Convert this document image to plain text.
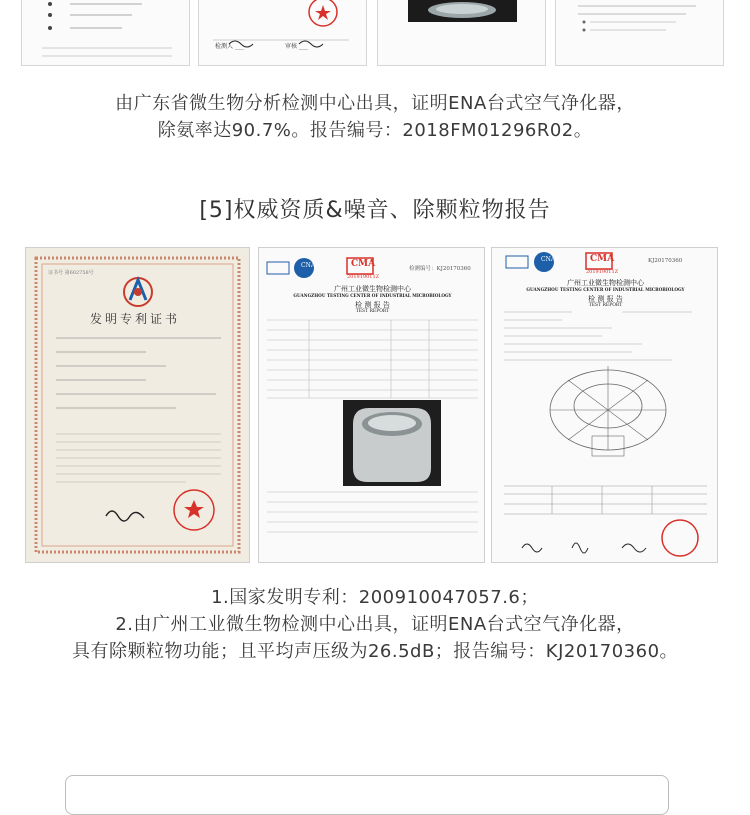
检测人 ___	审核 ___
由广东省微生物分析检测中心出具，证明ENA台式空气净化器，
除氨率达90.7%。报告编号：2018FM01296R02。
[5]权威资质&噪音、除颗粒物报告
证书号 第602758号
发明专利证书
CNAS	CMA
201919011Z
检测编号：KJ20170360
广州工业微生物检测中心
GUANGZHOU TESTING CENTER OF INDUSTRIAL MICROBIOLOGY
检 测 报 告
TEST REPORT
CNAS	CMA
201919011Z
KJ20170360
广州工业微生物检测中心
GUANGZHOU TESTING CENTER OF INDUSTRIAL MICROBIOLOGY
检 测 报 告
TEST REPORT
1.国家发明专利：200910047057.6；
2.由广州工业微生物检测中心出具，证明ENA台式空气净化器，
具有除颗粒物功能；且平均声压级为26.5dB；报告编号：KJ20170360。
